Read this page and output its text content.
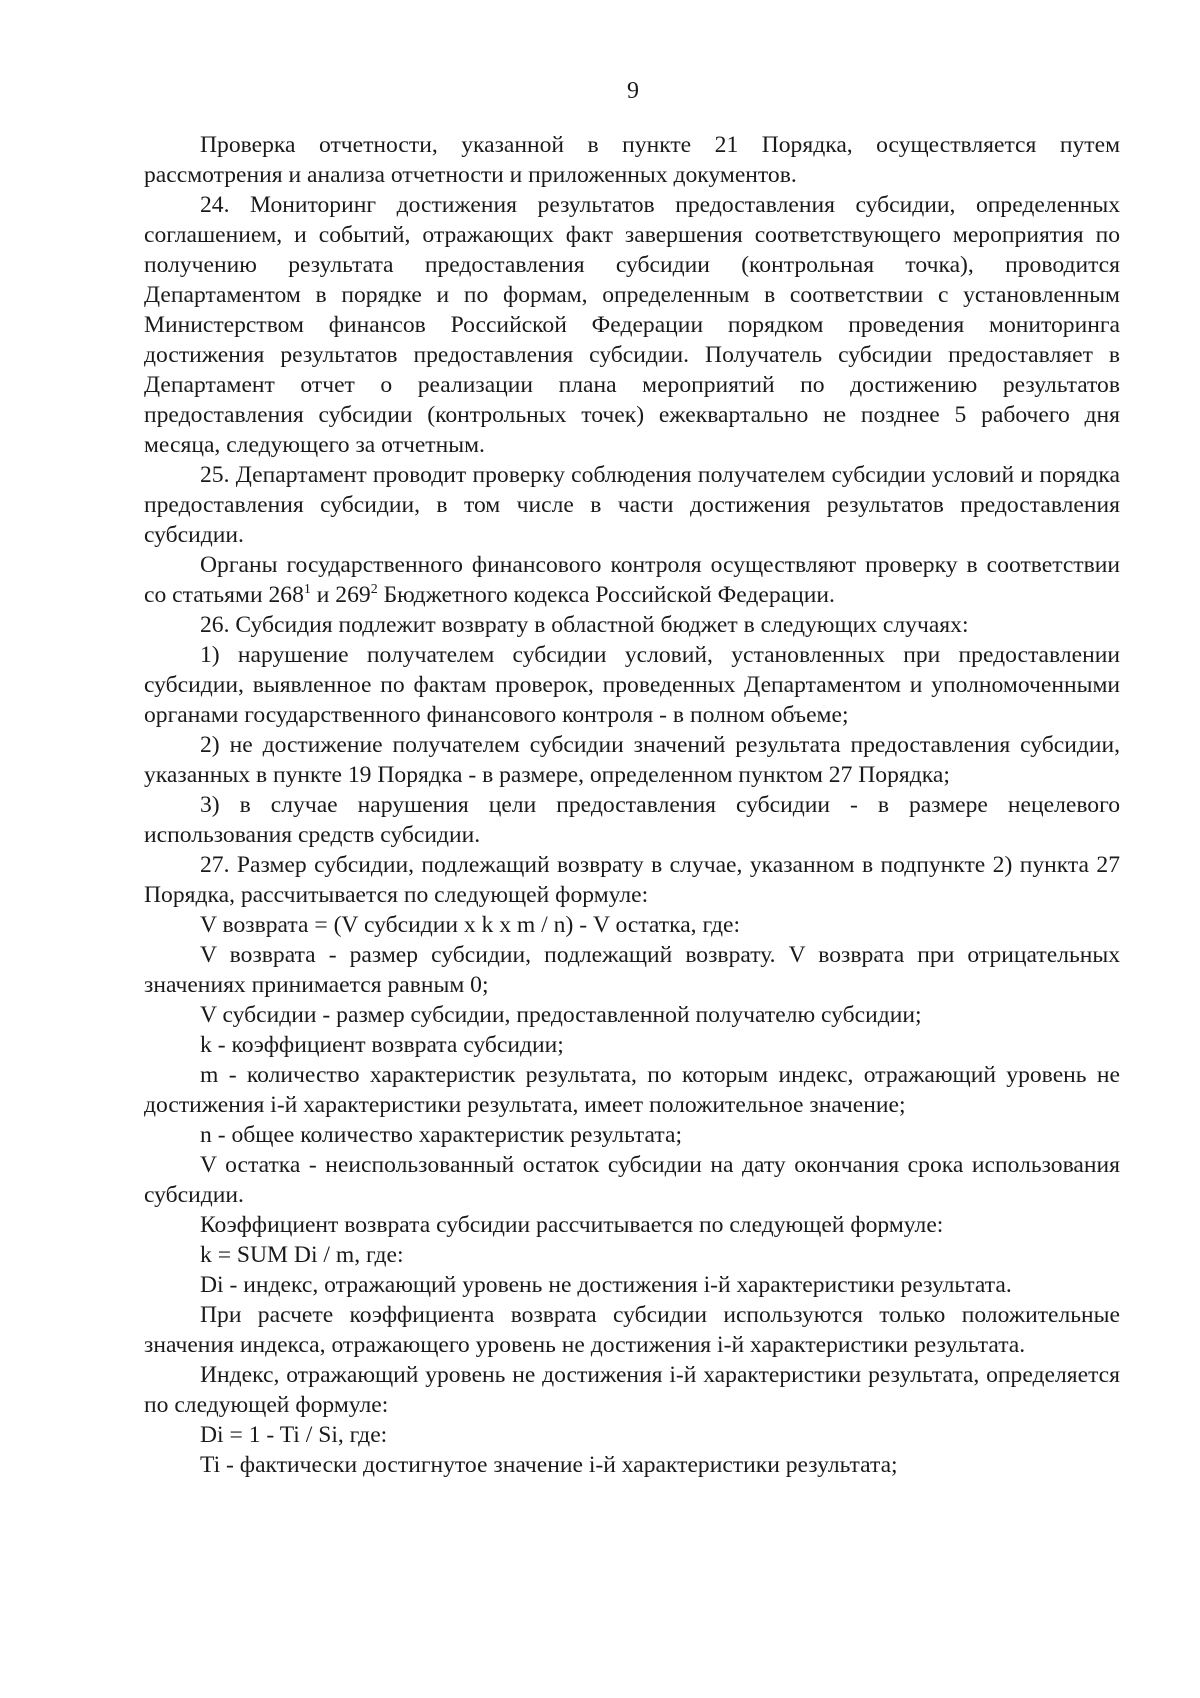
9

Проверка отчетности, указанной в пункте 21 Порядка, осуществляется путем рассмотрения и анализа отчетности и приложенных документов.

24. Мониторинг достижения результатов предоставления субсидии, определенных соглашением, и событий, отражающих факт завершения соответствующего мероприятия по получению результата предоставления субсидии (контрольная точка), проводится Департаментом в порядке и по формам, определенным в соответствии с установленным Министерством финансов Российской Федерации порядком проведения мониторинга достижения результатов предоставления субсидии. Получатель субсидии предоставляет в Департамент отчет о реализации плана мероприятий по достижению результатов предоставления субсидии (контрольных точек) ежеквартально не позднее 5 рабочего дня месяца, следующего за отчетным.

25. Департамент проводит проверку соблюдения получателем субсидии условий и порядка предоставления субсидии, в том числе в части достижения результатов предоставления субсидии.

Органы государственного финансового контроля осуществляют проверку в соответствии со статьями $268^1$ и $269^2$ Бюджетного кодекса Российской Федерации.

26. Субсидия подлежит возврату в областной бюджет в следующих случаях:

1) нарушение получателем субсидии условий, установленных при предоставлении субсидии, выявленное по фактам проверок, проведенных Департаментом и уполномоченными органами государственного финансового контроля - в полном объеме;

2) не достижение получателем субсидии значений результата предоставления субсидии, указанных в пункте 19 Порядка - в размере, определенном пунктом 27 Порядка;

3) в случае нарушения цели предоставления субсидии - в размере нецелевого использования средств субсидии.

27. Размер субсидии, подлежащий возврату в случае, указанном в подпункте 2) пункта 27 Порядка, рассчитывается по следующей формуле:

V возврата = (V субсидии x k x m / n) - V остатка, где:

V возврата - размер субсидии, подлежащий возврату. V возврата при отрицательных значениях принимается равным 0;

V субсидии - размер субсидии, предоставленной получателю субсидии;

k - коэффициент возврата субсидии;

m - количество характеристик результата, по которым индекс, отражающий уровень не достижения i-й характеристики результата, имеет положительное значение;

n - общее количество характеристик результата;

V остатка - неиспользованный остаток субсидии на дату окончания срока использования субсидии.

Коэффициент возврата субсидии рассчитывается по следующей формуле:

k = SUM Di / m, где:

Di - индекс, отражающий уровень не достижения i-й характеристики результата.

При расчете коэффициента возврата субсидии используются только положительные значения индекса, отражающего уровень не достижения i-й характеристики результата.

Индекс, отражающий уровень не достижения i-й характеристики результата, определяется по следующей формуле:

Di = 1 - Ti / Si, где:

Ti - фактически достигнутое значение i-й характеристики результата;
